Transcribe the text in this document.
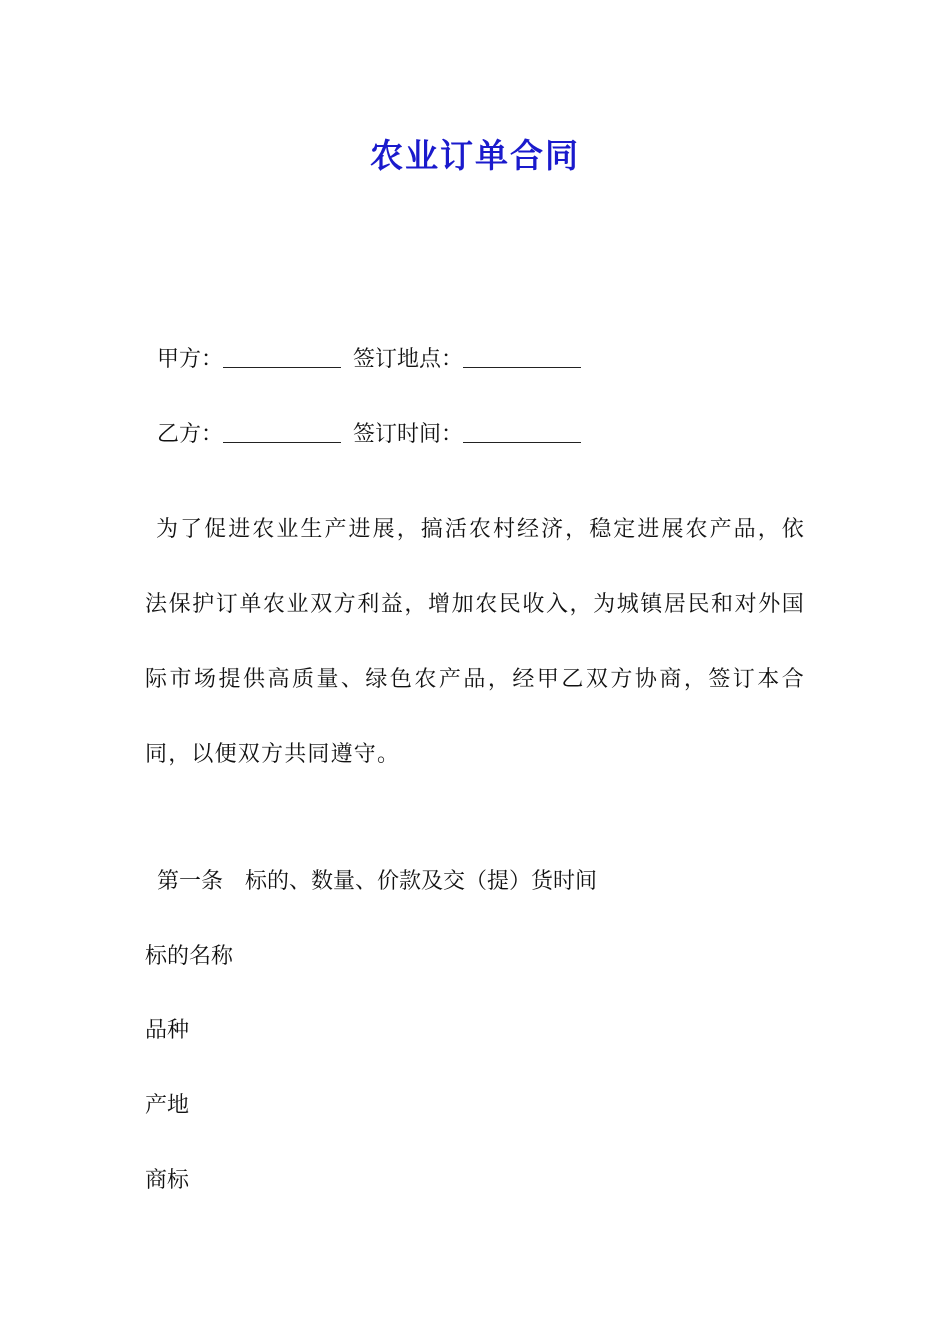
农业订单合同
甲方：	签订地点：
乙方：	签订时间：
为了促进农业生产进展，搞活农村经济，稳定进展农产品，依法保护订单农业双方利益，增加农民收入，为城镇居民和对外国际市场提供高质量、绿色农产品，经甲乙双方协商，签订本合同，以便双方共同遵守。
第一条 标的、数量、价款及交（提）货时间
标的名称
品种
产地
商标
